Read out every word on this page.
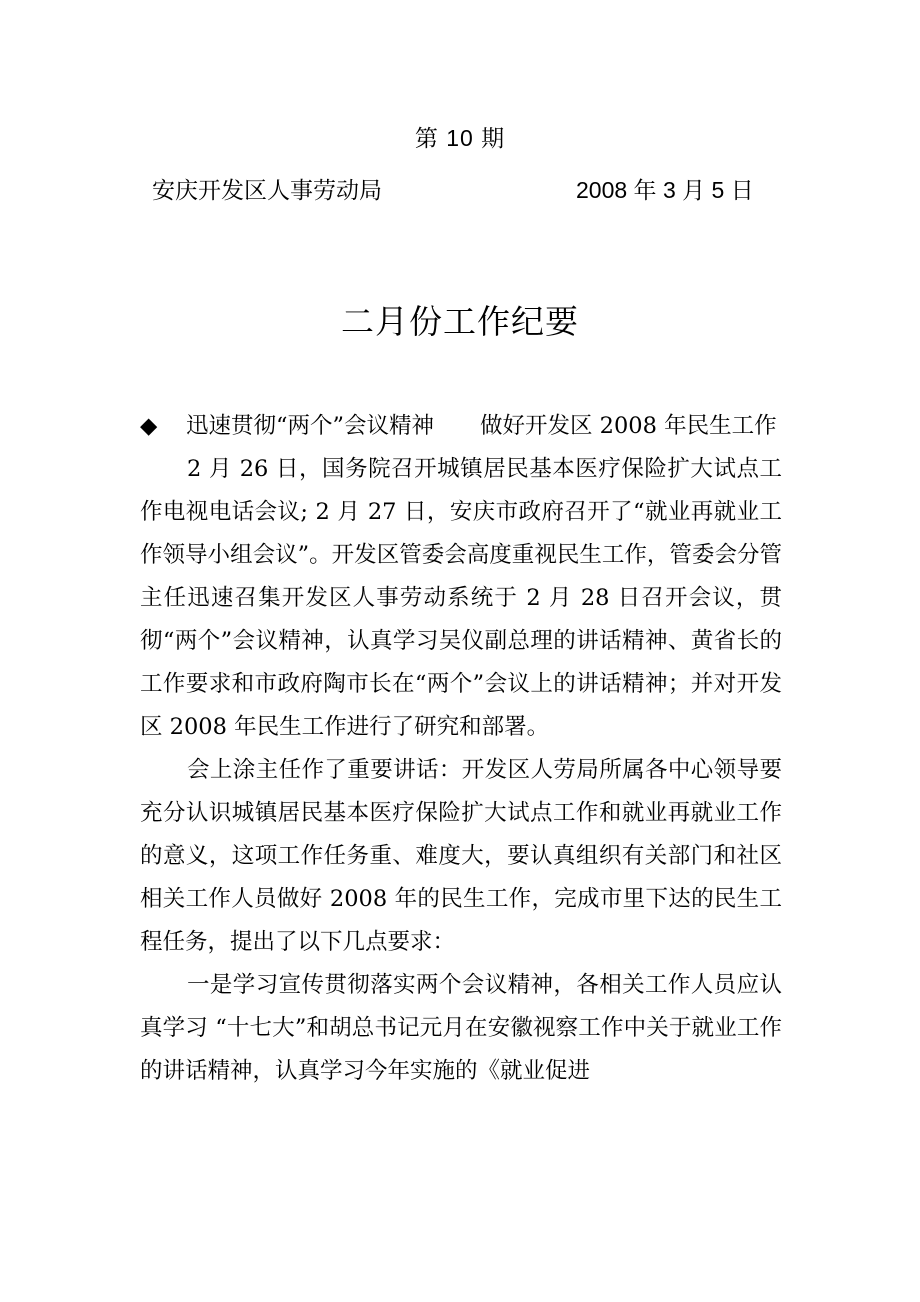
第 10 期
安庆开发区人事劳动局	2008 年 3 月 5 日
二月份工作纪要

◆ 迅速贯彻“两个”会议精神 做好开发区 2008 年民生工作

2 月 26 日，国务院召开城镇居民基本医疗保险扩大试点工作电视电话会议; 2 月 27 日，安庆市政府召开了“就业再就业工作领导小组会议”。开发区管委会高度重视民生工作，管委会分管主任迅速召集开发区人事劳动系统于 2 月 28 日召开会议，贯彻“两个”会议精神，认真学习吴仪副总理的讲话精神、黄省长的工作要求和市政府陶市长在“两个”会议上的讲话精神；并对开发区 2008 年民生工作进行了研究和部署。

会上涂主任作了重要讲话：开发区人劳局所属各中心领导要充分认识城镇居民基本医疗保险扩大试点工作和就业再就业工作的意义，这项工作任务重、难度大，要认真组织有关部门和社区相关工作人员做好 2008 年的民生工作，完成市里下达的民生工程任务，提出了以下几点要求：

一是学习宣传贯彻落实两个会议精神，各相关工作人员应认真学习 “十七大”和胡总书记元月在安徽视察工作中关于就业工作的讲话精神，认真学习今年实施的《就业促进
